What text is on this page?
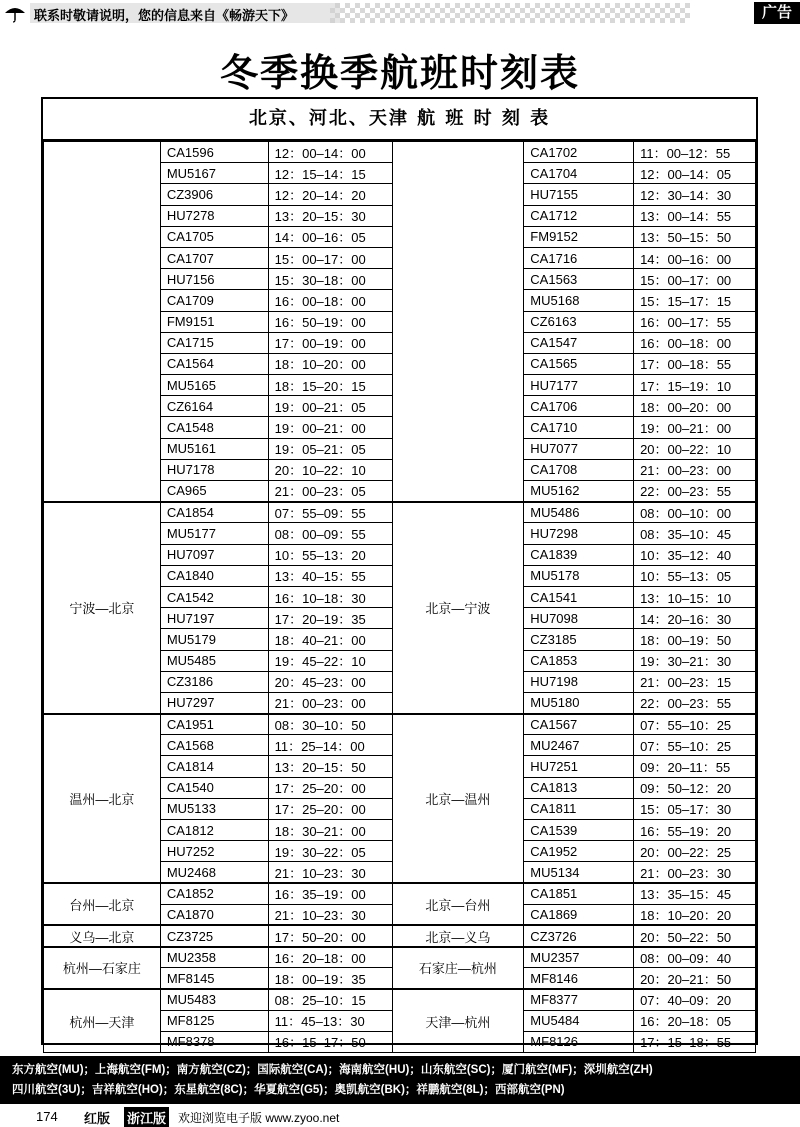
联系时敬请说明，您的信息来自《畅游天下》	广告
冬季换季航班时刻表
北京、河北、天津 航 班 时 刻 表
	CA1596	12：00–14：00		CA1702	11：00–12：55
	MU5167	12：15–14：15		CA1704	12：00–14：05
	CZ3906	12：20–14：20		HU7155	12：30–14：30
	HU7278	13：20–15：30		CA1712	13：00–14：55
	CA1705	14：00–16：05		FM9152	13：50–15：50
	CA1707	15：00–17：00		CA1716	14：00–16：00
	HU7156	15：30–18：00		CA1563	15：00–17：00
	CA1709	16：00–18：00		MU5168	15：15–17：15
	FM9151	16：50–19：00		CZ6163	16：00–17：55
	CA1715	17：00–19：00		CA1547	16：00–18：00
	CA1564	18：10–20：00		CA1565	17：00–18：55
	MU5165	18：15–20：15		HU7177	17：15–19：10
	CZ6164	19：00–21：05		CA1706	18：00–20：00
	CA1548	19：00–21：00		CA1710	19：00–21：00
	MU5161	19：05–21：05		HU7077	20：00–22：10
	HU7178	20：10–22：10		CA1708	21：00–23：00
	CA965	21：00–23：05		MU5162	22：00–23：55
宁波—北京	CA1854	07：55–09：55	北京—宁波	MU5486	08：00–10：00
	MU5177	08：00–09：55		HU7298	08：35–10：45
	HU7097	10：55–13：20		CA1839	10：35–12：40
	CA1840	13：40–15：55		MU5178	10：55–13：05
	CA1542	16：10–18：30		CA1541	13：10–15：10
	HU7197	17：20–19：35		HU7098	14：20–16：30
	MU5179	18：40–21：00		CZ3185	18：00–19：50
	MU5485	19：45–22：10		CA1853	19：30–21：30
	CZ3186	20：45–23：00		HU7198	21：00–23：15
	HU7297	21：00–23：00		MU5180	22：00–23：55
温州—北京	CA1951	08：30–10：50	北京—温州	CA1567	07：55–10：25
	CA1568	11：25–14：00		MU2467	07：55–10：25
	CA1814	13：20–15：50		HU7251	09：20–11：55
	CA1540	17：25–20：00		CA1813	09：50–12：20
	MU5133	17：25–20：00		CA1811	15：05–17：30
	CA1812	18：30–21：00		CA1539	16：55–19：20
	HU7252	19：30–22：05		CA1952	20：00–22：25
	MU2468	21：10–23：30		MU5134	21：00–23：30
台州—北京	CA1852	16：35–19：00	北京—台州	CA1851	13：35–15：45
	CA1870	21：10–23：30		CA1869	18：10–20：20
义乌—北京	CZ3725	17：50–20：00	北京—义乌	CZ3726	20：50–22：50
杭州—石家庄	MU2358	16：20–18：00	石家庄—杭州	MU2357	08：00–09：40
	MF8145	18：00–19：35		MF8146	20：20–21：50
杭州—天津	MU5483	08：25–10：15	天津—杭州	MF8377	07：40–09：20
	MF8125	11：45–13：30		MU5484	16：20–18：05
	MF8378	16：15–17：50		MF8126	17：15–18：55
东方航空(MU)；上海航空(FM)；南方航空(CZ)；国际航空(CA)；海南航空(HU)；山东航空(SC)；厦门航空(MF)；深圳航空(ZH)
四川航空(3U)；吉祥航空(HO)；东星航空(8C)；华夏航空(G5)；奥凯航空(BK)；祥鹏航空(8L)；西部航空(PN)
174 红版 浙江版 欢迎浏览电子版 www.zyoo.net
